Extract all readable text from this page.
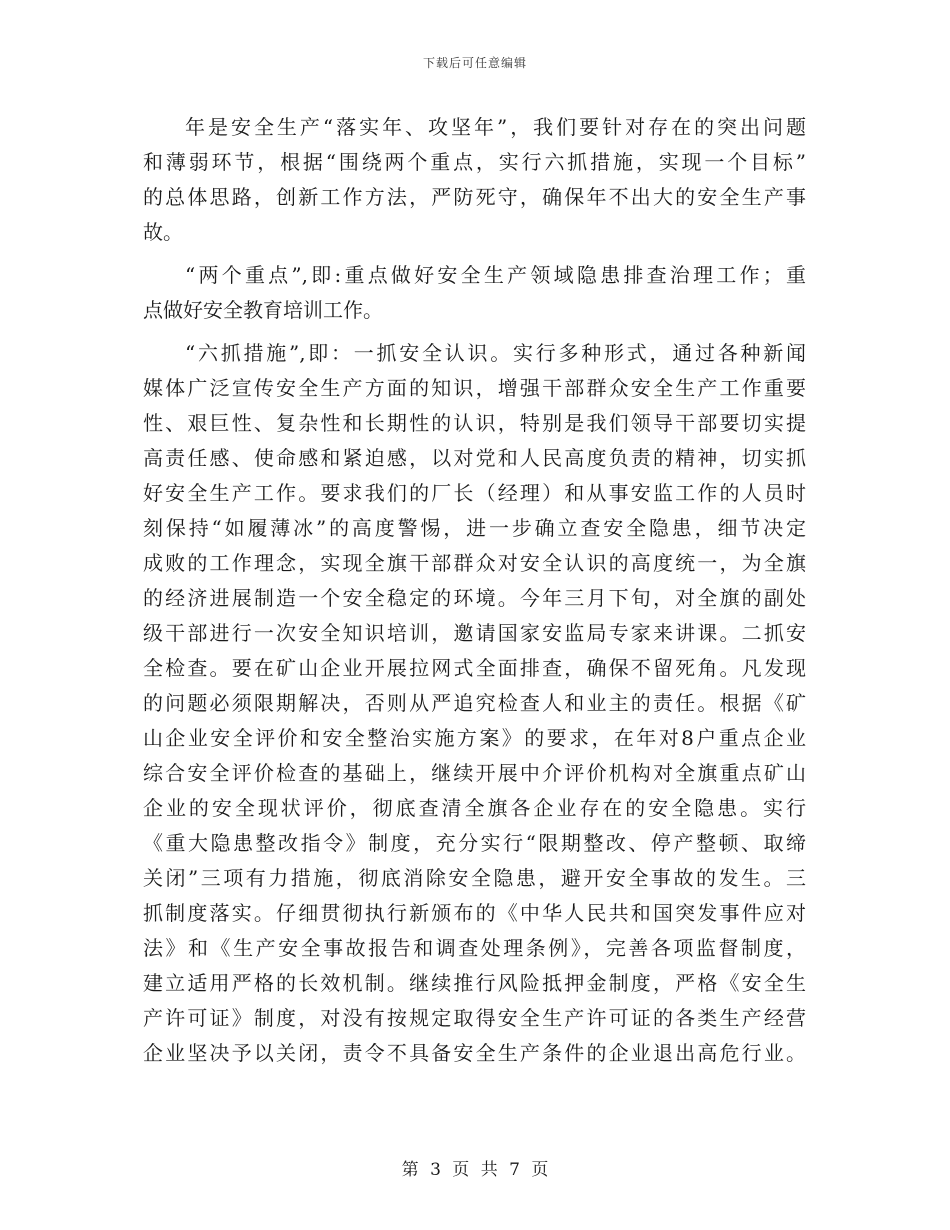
下载后可任意编辑
年是安全生产“落实年、攻坚年”，我们要针对存在的突出问题
和薄弱环节，根据“围绕两个重点，实行六抓措施，实现一个目标”
的总体思路，创新工作方法，严防死守，确保年不出大的安全生产事
故。
“两个重点”,即:重点做好安全生产领域隐患排查治理工作；重
点做好安全教育培训工作。
“六抓措施”,即：一抓安全认识。实行多种形式，通过各种新闻
媒体广泛宣传安全生产方面的知识，增强干部群众安全生产工作重要
性、艰巨性、复杂性和长期性的认识，特别是我们领导干部要切实提
高责任感、使命感和紧迫感，以对党和人民高度负责的精神，切实抓
好安全生产工作。要求我们的厂长（经理）和从事安监工作的人员时
刻保持“如履薄冰”的高度警惕，进一步确立查安全隐患，细节决定
成败的工作理念，实现全旗干部群众对安全认识的高度统一，为全旗
的经济进展制造一个安全稳定的环境。今年三月下旬，对全旗的副处
级干部进行一次安全知识培训，邀请国家安监局专家来讲课。二抓安
全检查。要在矿山企业开展拉网式全面排查，确保不留死角。凡发现
的问题必须限期解决，否则从严追究检查人和业主的责任。根据《矿
山企业安全评价和安全整治实施方案》的要求，在年对8户重点企业
综合安全评价检查的基础上，继续开展中介评价机构对全旗重点矿山
企业的安全现状评价，彻底查清全旗各企业存在的安全隐患。实行
《重大隐患整改指令》制度，充分实行“限期整改、停产整顿、取缔
关闭”三项有力措施，彻底消除安全隐患，避开安全事故的发生。三
抓制度落实。仔细贯彻执行新颁布的《中华人民共和国突发事件应对
法》和《生产安全事故报告和调查处理条例》，完善各项监督制度，
建立适用严格的长效机制。继续推行风险抵押金制度，严格《安全生
产许可证》制度，对没有按规定取得安全生产许可证的各类生产经营
企业坚决予以关闭，责令不具备安全生产条件的企业退出高危行业。
第 3 页 共 7 页
